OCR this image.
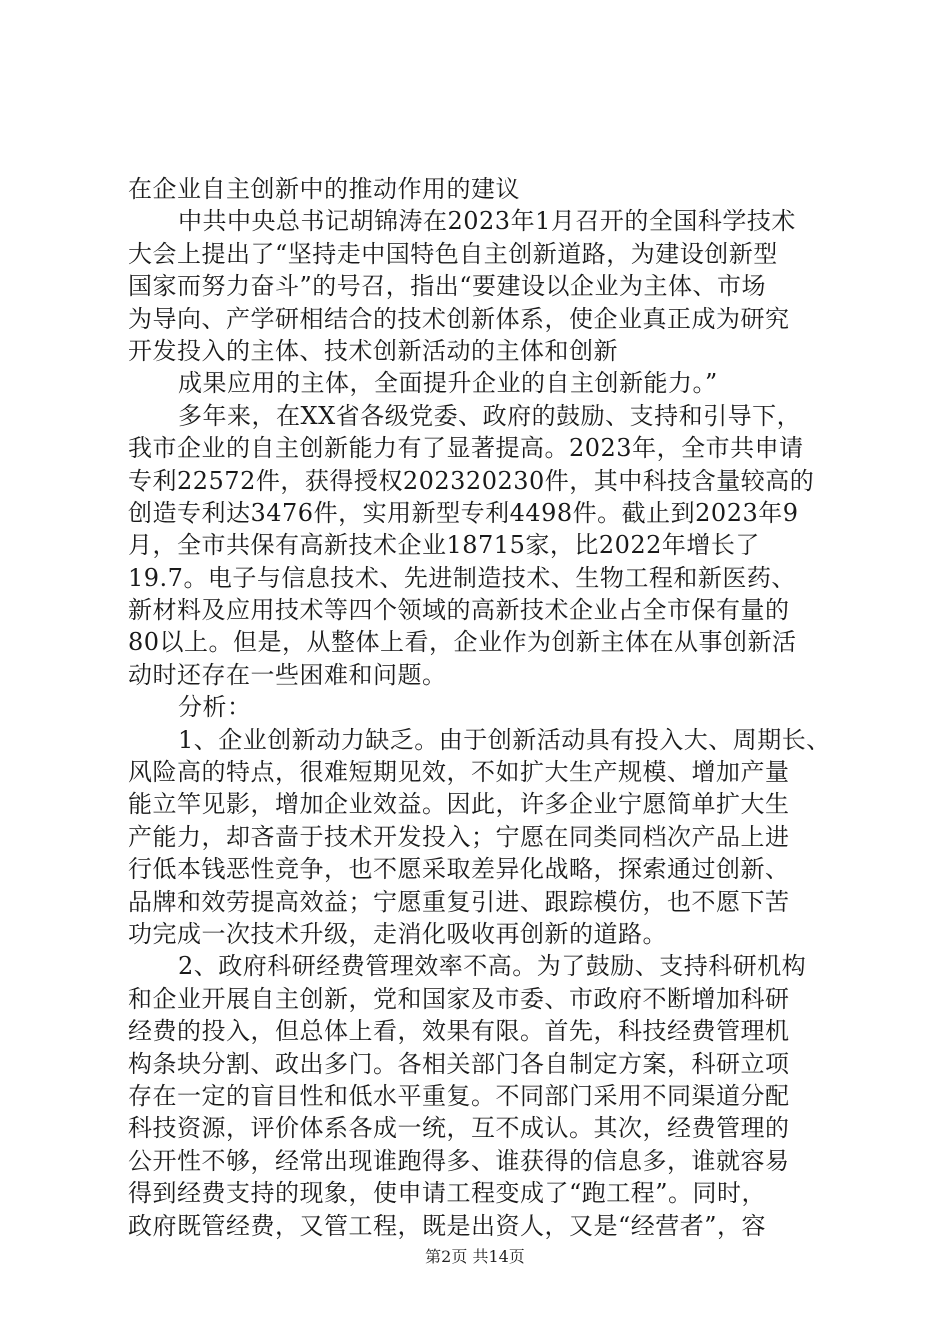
在企业自主创新中的推动作用的建议
中共中央总书记胡锦涛在2023年1月召开的全国科学技术
大会上提出了“坚持走中国特色自主创新道路，为建设创新型
国家而努力奋斗”的号召，指出“要建设以企业为主体、市场
为导向、产学研相结合的技术创新体系，使企业真正成为研究
开发投入的主体、技术创新活动的主体和创新
成果应用的主体，全面提升企业的自主创新能力。”
多年来，在XX省各级党委、政府的鼓励、支持和引导下，
我市企业的自主创新能力有了显著提高。2023年，全市共申请
专利22572件，获得授权202320230件，其中科技含量较高的
创造专利达3476件，实用新型专利4498件。截止到2023年9
月，全市共保有高新技术企业18715家，比2022年增长了
19.7。电子与信息技术、先进制造技术、生物工程和新医药、
新材料及应用技术等四个领域的高新技术企业占全市保有量的
80以上。但是，从整体上看，企业作为创新主体在从事创新活
动时还存在一些困难和问题。
分析：
1、企业创新动力缺乏。由于创新活动具有投入大、周期长、
风险高的特点，很难短期见效，不如扩大生产规模、增加产量
能立竿见影，增加企业效益。因此，许多企业宁愿简单扩大生
产能力，却吝啬于技术开发投入；宁愿在同类同档次产品上进
行低本钱恶性竞争，也不愿采取差异化战略，探索通过创新、
品牌和效劳提高效益；宁愿重复引进、跟踪模仿，也不愿下苦
功完成一次技术升级，走消化吸收再创新的道路。
2、政府科研经费管理效率不高。为了鼓励、支持科研机构
和企业开展自主创新，党和国家及市委、市政府不断增加科研
经费的投入，但总体上看，效果有限。首先，科技经费管理机
构条块分割、政出多门。各相关部门各自制定方案，科研立项
存在一定的盲目性和低水平重复。不同部门采用不同渠道分配
科技资源，评价体系各成一统，互不成认。其次，经费管理的
公开性不够，经常出现谁跑得多、谁获得的信息多，谁就容易
得到经费支持的现象，使申请工程变成了“跑工程”。同时，
政府既管经费，又管工程，既是出资人，又是“经营者”，容
第2页 共14页
